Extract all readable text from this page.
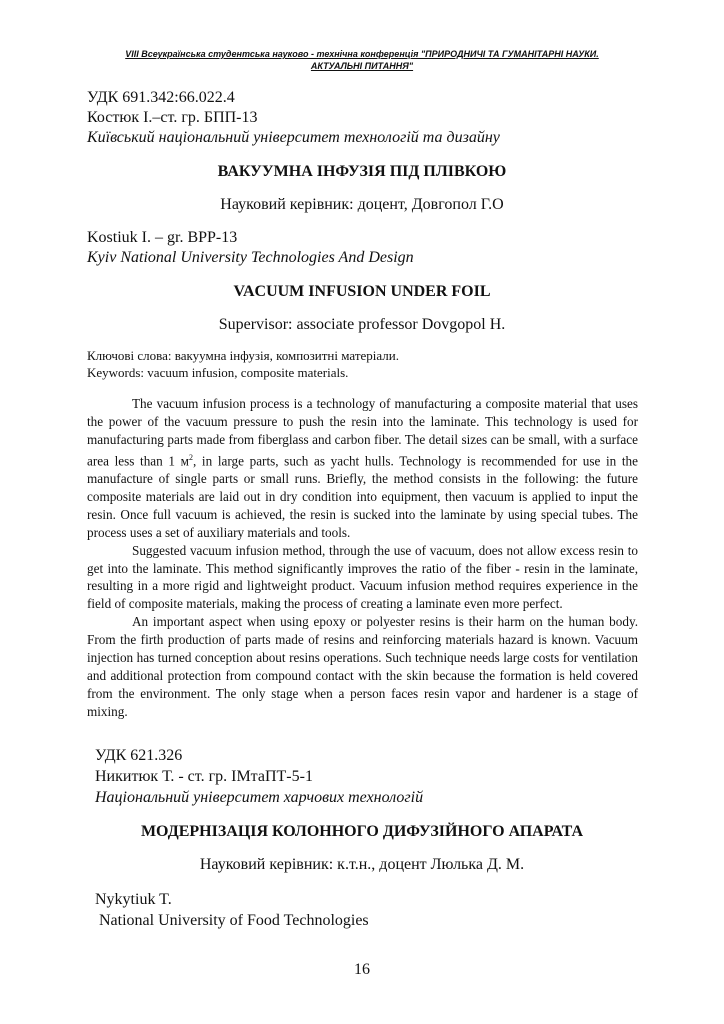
VIII Всеукраїнська студентська науково - технічна конференція "ПРИРОДНИЧІ ТА ГУМАНІТАРНІ НАУКИ.
АКТУАЛЬНІ ПИТАННЯ"
УДК 691.342:66.022.4
Костюк І.–ст. гр. БПП-13
Київський національний університет технологій та дизайну
ВАКУУМНА ІНФУЗІЯ ПІД ПЛІВКОЮ
Науковий керівник: доцент, Довгопол Г.О
Kostiuk I. – gr. BPP-13
Kyiv National University Technologies And Design
VACUUM INFUSION UNDER FOIL
Supervisor: associate professor Dovgopol H.
Ключові слова: вакуумна інфузія, композитні матеріали.
Keywords: vacuum infusion, composite materials.

The vacuum infusion process is a technology of manufacturing a composite material that uses the power of the vacuum pressure to push the resin into the laminate. This technology is used for manufacturing parts made from fiberglass and carbon fiber. The detail sizes can be small, with a surface area less than 1 $м^2$, in large parts, such as yacht hulls. Technology is recommended for use in the manufacture of single parts or small runs. Briefly, the method consists in the following: the future composite materials are laid out in dry condition into equipment, then vacuum is applied to input the resin. Once full vacuum is achieved, the resin is sucked into the laminate by using special tubes. The process uses a set of auxiliary materials and tools.

Suggested vacuum infusion method, through the use of vacuum, does not allow excess resin to get into the laminate. This method significantly improves the ratio of the fiber - resin in the laminate, resulting in a more rigid and lightweight product. Vacuum infusion method requires experience in the field of composite materials, making the process of creating a laminate even more perfect.

An important aspect when using epoxy or polyester resins is their harm on the human body. From the firth production of parts made of resins and reinforcing materials hazard is known. Vacuum injection has turned conception about resins operations. Such technique needs large costs for ventilation and additional protection from compound contact with the skin because the formation is held covered from the environment. The only stage when a person faces resin vapor and hardener is a stage of mixing.

УДК 621.326
Никитюк Т. - ст. гр. ІМтаПТ-5-1
Національний університет харчових технологій
МОДЕРНІЗАЦІЯ КОЛОННОГО ДИФУЗІЙНОГО АПАРАТА
Науковий керівник: к.т.н., доцент Люлька Д. М.
Nykytiuk T.
National University of Food Technologies
16
